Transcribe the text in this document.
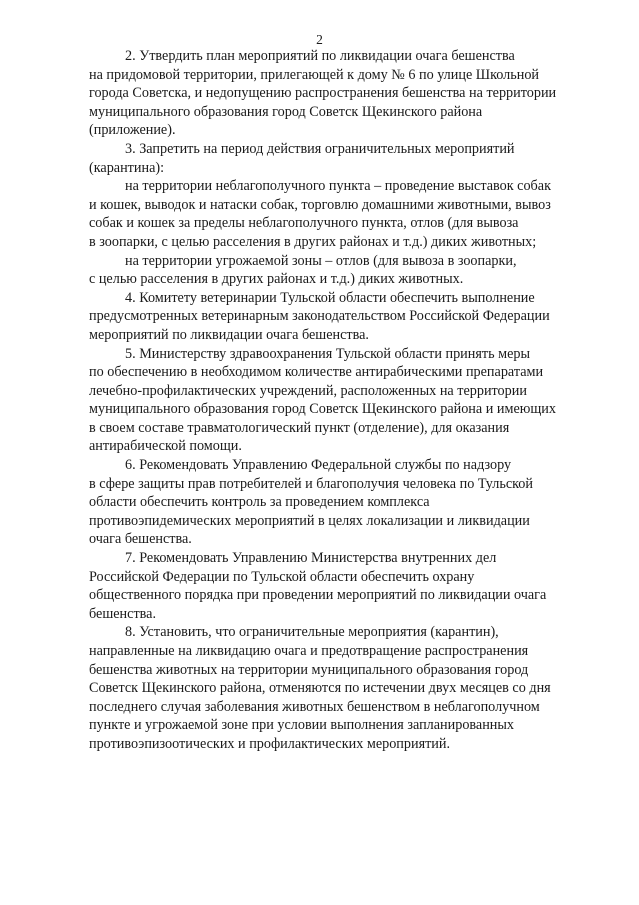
2

2. Утвердить план мероприятий по ликвидации очага бешенства
на придомовой территории, прилегающей к дому № 6 по улице Школьной
города Советска, и недопущению распространения бешенства на территории
муниципального образования город Советск Щекинского района
(приложение).

3. Запретить на период действия ограничительных мероприятий
(карантина):

на территории неблагополучного пункта – проведение выставок собак
и кошек, выводок и натаски собак, торговлю домашними животными, вывоз
собак и кошек за пределы неблагополучного пункта, отлов (для вывоза
в зоопарки, с целью расселения в других районах и т.д.) диких животных;

на территории угрожаемой зоны – отлов (для вывоза в зоопарки,
с целью расселения в других районах и т.д.) диких животных.

4. Комитету ветеринарии Тульской области обеспечить выполнение
предусмотренных ветеринарным законодательством Российской Федерации
мероприятий по ликвидации очага бешенства.

5. Министерству здравоохранения Тульской области принять меры
по обеспечению в необходимом количестве антирабическими препаратами
лечебно-профилактических учреждений, расположенных на территории
муниципального образования город Советск Щекинского района и имеющих
в своем составе травматологический пункт (отделение), для оказания
антирабической помощи.

6. Рекомендовать Управлению Федеральной службы по надзору
в сфере защиты прав потребителей и благополучия человека по Тульской
области обеспечить контроль за проведением комплекса
противоэпидемических мероприятий в целях локализации и ликвидации
очага бешенства.

7. Рекомендовать Управлению Министерства внутренних дел
Российской Федерации по Тульской области обеспечить охрану
общественного порядка при проведении мероприятий по ликвидации очага
бешенства.

8. Установить, что ограничительные мероприятия (карантин),
направленные на ликвидацию очага и предотвращение распространения
бешенства животных на территории муниципального образования город
Советск Щекинского района, отменяются по истечении двух месяцев со дня
последнего случая заболевания животных бешенством в неблагополучном
пункте и угрожаемой зоне при условии выполнения запланированных
противоэпизоотических и профилактических мероприятий.
